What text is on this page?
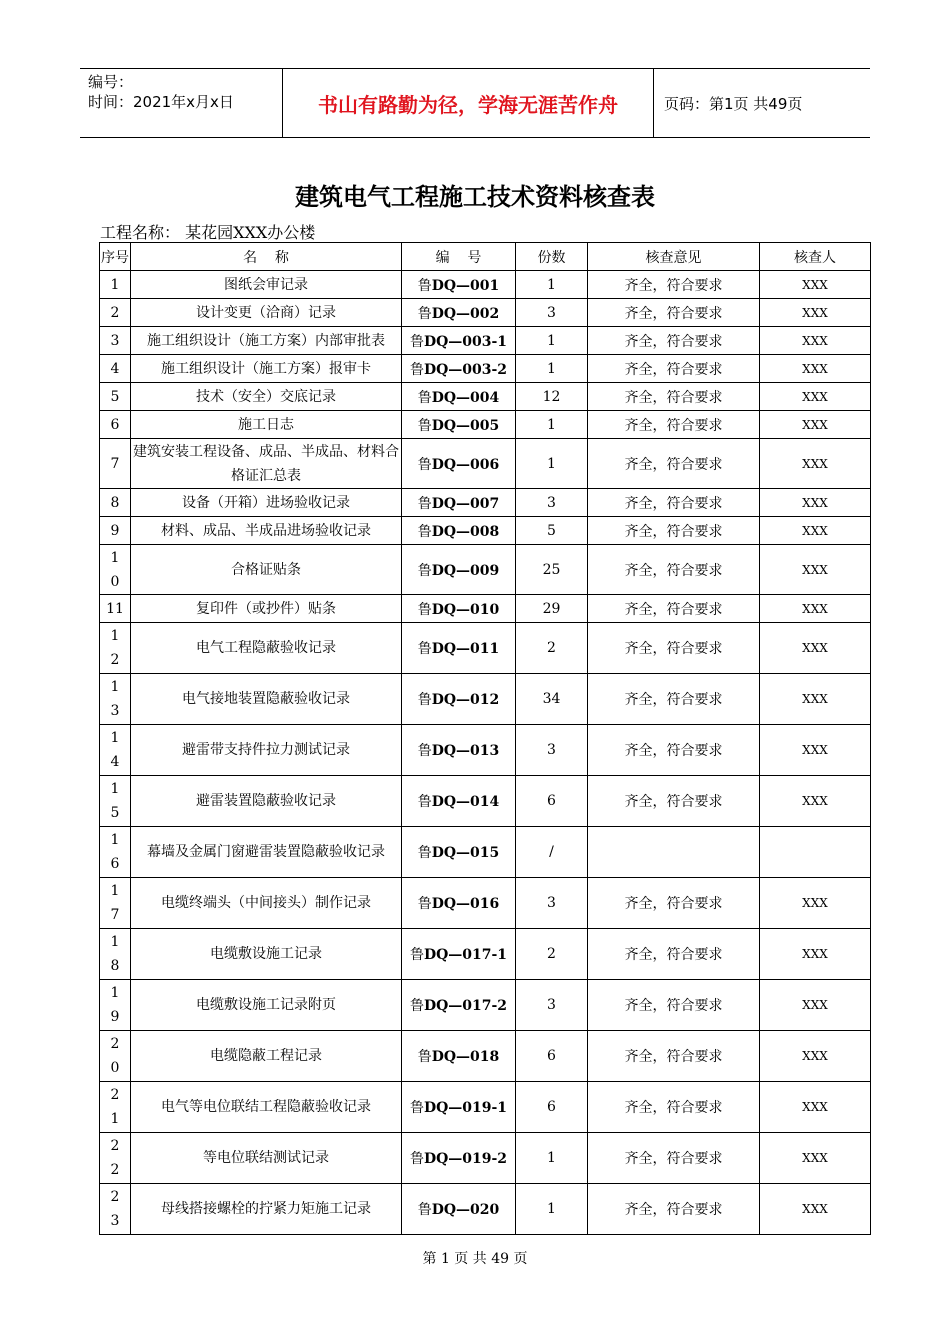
编号：
时间：2021年x月x日	书山有路勤为径，学海无涯苦作舟	页码：第1页 共49页
建筑电气工程施工技术资料核查表
工程名称： 某花园XXX办公楼
序号	名    称	编    号	份数	核查意见	核查人
1	图纸会审记录	鲁DQ—001	1	齐全，符合要求	XXX
2	设计变更（洽商）记录	鲁DQ—002	3	齐全，符合要求	XXX
3	施工组织设计（施工方案）内部审批表	鲁DQ—003-1	1	齐全，符合要求	XXX
4	施工组织设计（施工方案）报审卡	鲁DQ—003-2	1	齐全，符合要求	XXX
5	技术（安全）交底记录	鲁DQ—004	12	齐全，符合要求	XXX
6	施工日志	鲁DQ—005	1	齐全，符合要求	XXX
7	建筑安装工程设备、成品、半成品、材料合格证汇总表	鲁DQ—006	1	齐全，符合要求	XXX
8	设备（开箱）进场验收记录	鲁DQ—007	3	齐全，符合要求	XXX
9	材料、成品、半成品进场验收记录	鲁DQ—008	5	齐全，符合要求	XXX
10	合格证贴条	鲁DQ—009	25	齐全，符合要求	XXX
11	复印件（或抄件）贴条	鲁DQ—010	29	齐全，符合要求	XXX
12	电气工程隐蔽验收记录	鲁DQ—011	2	齐全，符合要求	XXX
13	电气接地装置隐蔽验收记录	鲁DQ—012	34	齐全，符合要求	XXX
14	避雷带支持件拉力测试记录	鲁DQ—013	3	齐全，符合要求	XXX
15	避雷装置隐蔽验收记录	鲁DQ—014	6	齐全，符合要求	XXX
16	幕墙及金属门窗避雷装置隐蔽验收记录	鲁DQ—015	/		
17	电缆终端头（中间接头）制作记录	鲁DQ—016	3	齐全，符合要求	XXX
18	电缆敷设施工记录	鲁DQ—017-1	2	齐全，符合要求	XXX
19	电缆敷设施工记录附页	鲁DQ—017-2	3	齐全，符合要求	XXX
20	电缆隐蔽工程记录	鲁DQ—018	6	齐全，符合要求	XXX
21	电气等电位联结工程隐蔽验收记录	鲁DQ—019-1	6	齐全，符合要求	XXX
22	等电位联结测试记录	鲁DQ—019-2	1	齐全，符合要求	XXX
23	母线搭接螺栓的拧紧力矩施工记录	鲁DQ—020	1	齐全，符合要求	XXX
第 1 页 共 49 页
